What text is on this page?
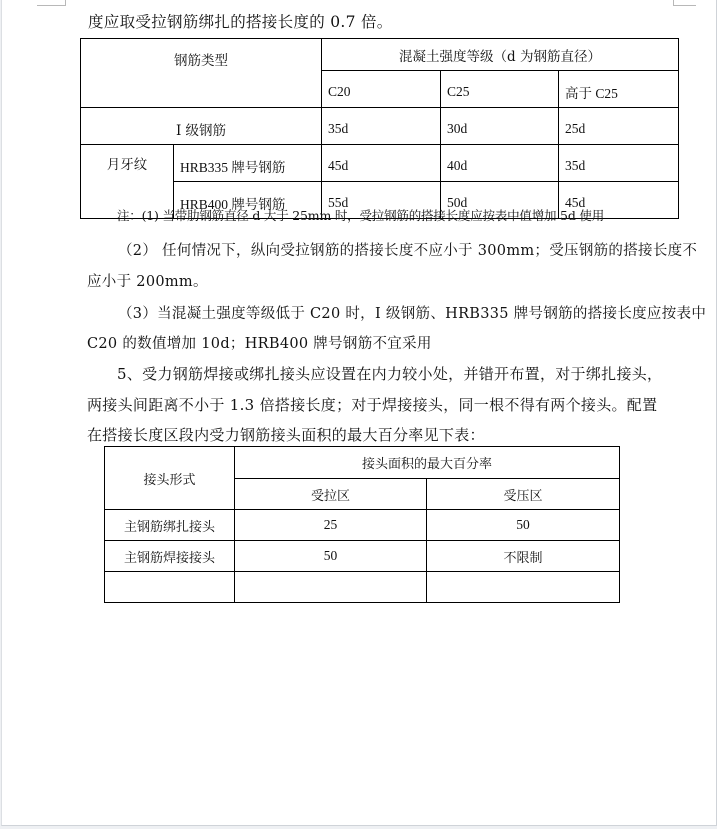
度应取受拉钢筋绑扎的搭接长度的 0.7 倍。
钢筋类型		混凝土强度等级（d 为钢筋直径）		
		C20	C25	高于 C25
I 级钢筋		35d	30d	25d
月牙纹	HRB335 牌号钢筋	45d	40d	35d
	HRB400 牌号钢筋	55d	50d	45d
注：(1) 当带肋钢筋直径 d 大于 25mm 时，受拉钢筋的搭接长度应按表中值增加 5d 使用
（2） 任何情况下，纵向受拉钢筋的搭接长度不应小于 300mm；受压钢筋的搭接长度不
应小于 200mm。
（3）当混凝土强度等级低于 C20 时，I 级钢筋、HRB335 牌号钢筋的搭接长度应按表中
C20 的数值增加 10d；HRB400 牌号钢筋不宜采用
5、受力钢筋焊接或绑扎接头应设置在内力较小处，并错开布置，对于绑扎接头，
两接头间距离不小于 1.3 倍搭接长度；对于焊接接头，同一根不得有两个接头。配置
在搭接长度区段内受力钢筋接头面积的最大百分率见下表：
接头形式	接头面积的最大百分率	
	受拉区	受压区
主钢筋绑扎接头	25	50
主钢筋焊接接头	50	不限制
